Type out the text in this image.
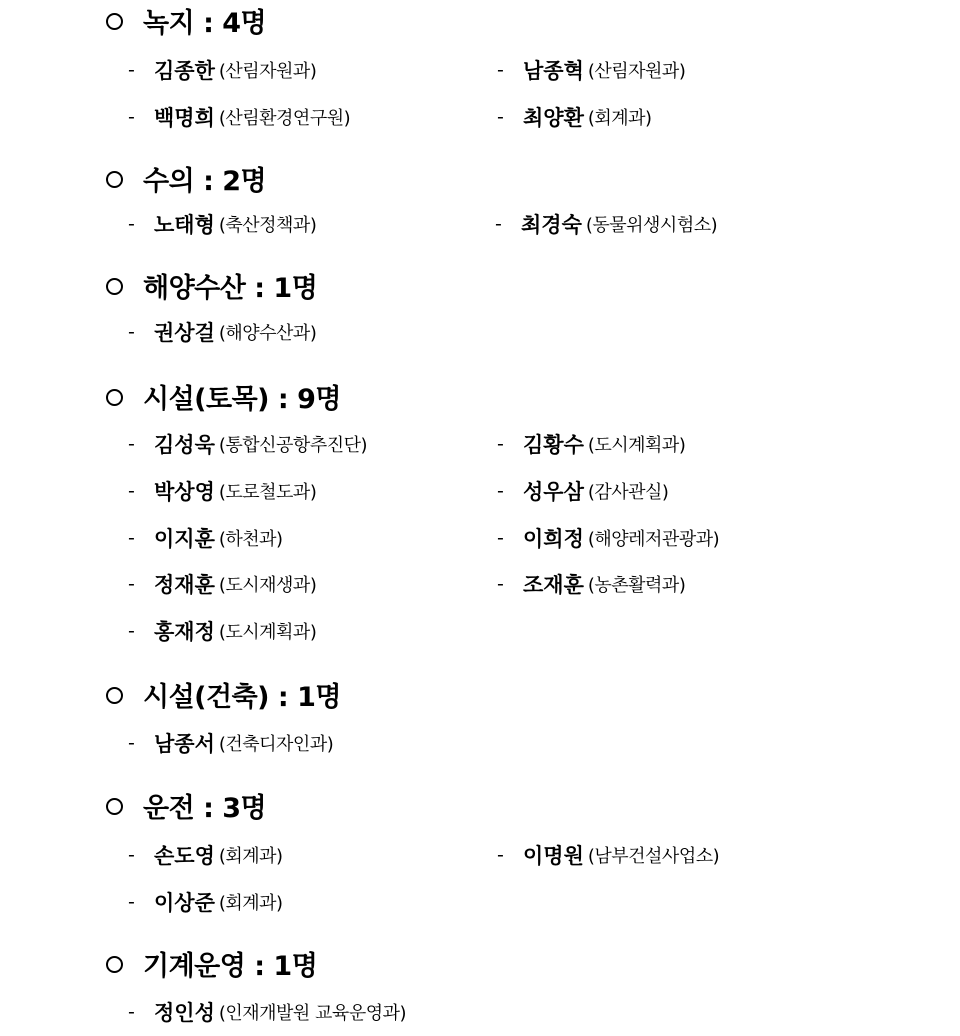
녹지 : 4명
- 김종한 (산림자원과)	- 남종혁 (산림자원과)
- 백명희 (산림환경연구원)	- 최양환 (회계과)
수의 : 2명
- 노태형 (축산정책과)	- 최경숙 (동물위생시험소)
해양수산 : 1명
- 권상걸 (해양수산과)
시설(토목) : 9명
- 김성욱 (통합신공항추진단)	- 김황수 (도시계획과)
- 박상영 (도로철도과)	- 성우삼 (감사관실)
- 이지훈 (하천과)	- 이희정 (해양레저관광과)
- 정재훈 (도시재생과)	- 조재훈 (농촌활력과)
- 홍재정 (도시계획과)
시설(건축) : 1명
- 남종서 (건축디자인과)
운전 : 3명
- 손도영 (회계과)	- 이명원 (남부건설사업소)
- 이상준 (회계과)
기계운영 : 1명
- 정인성 (인재개발원 교육운영과)
